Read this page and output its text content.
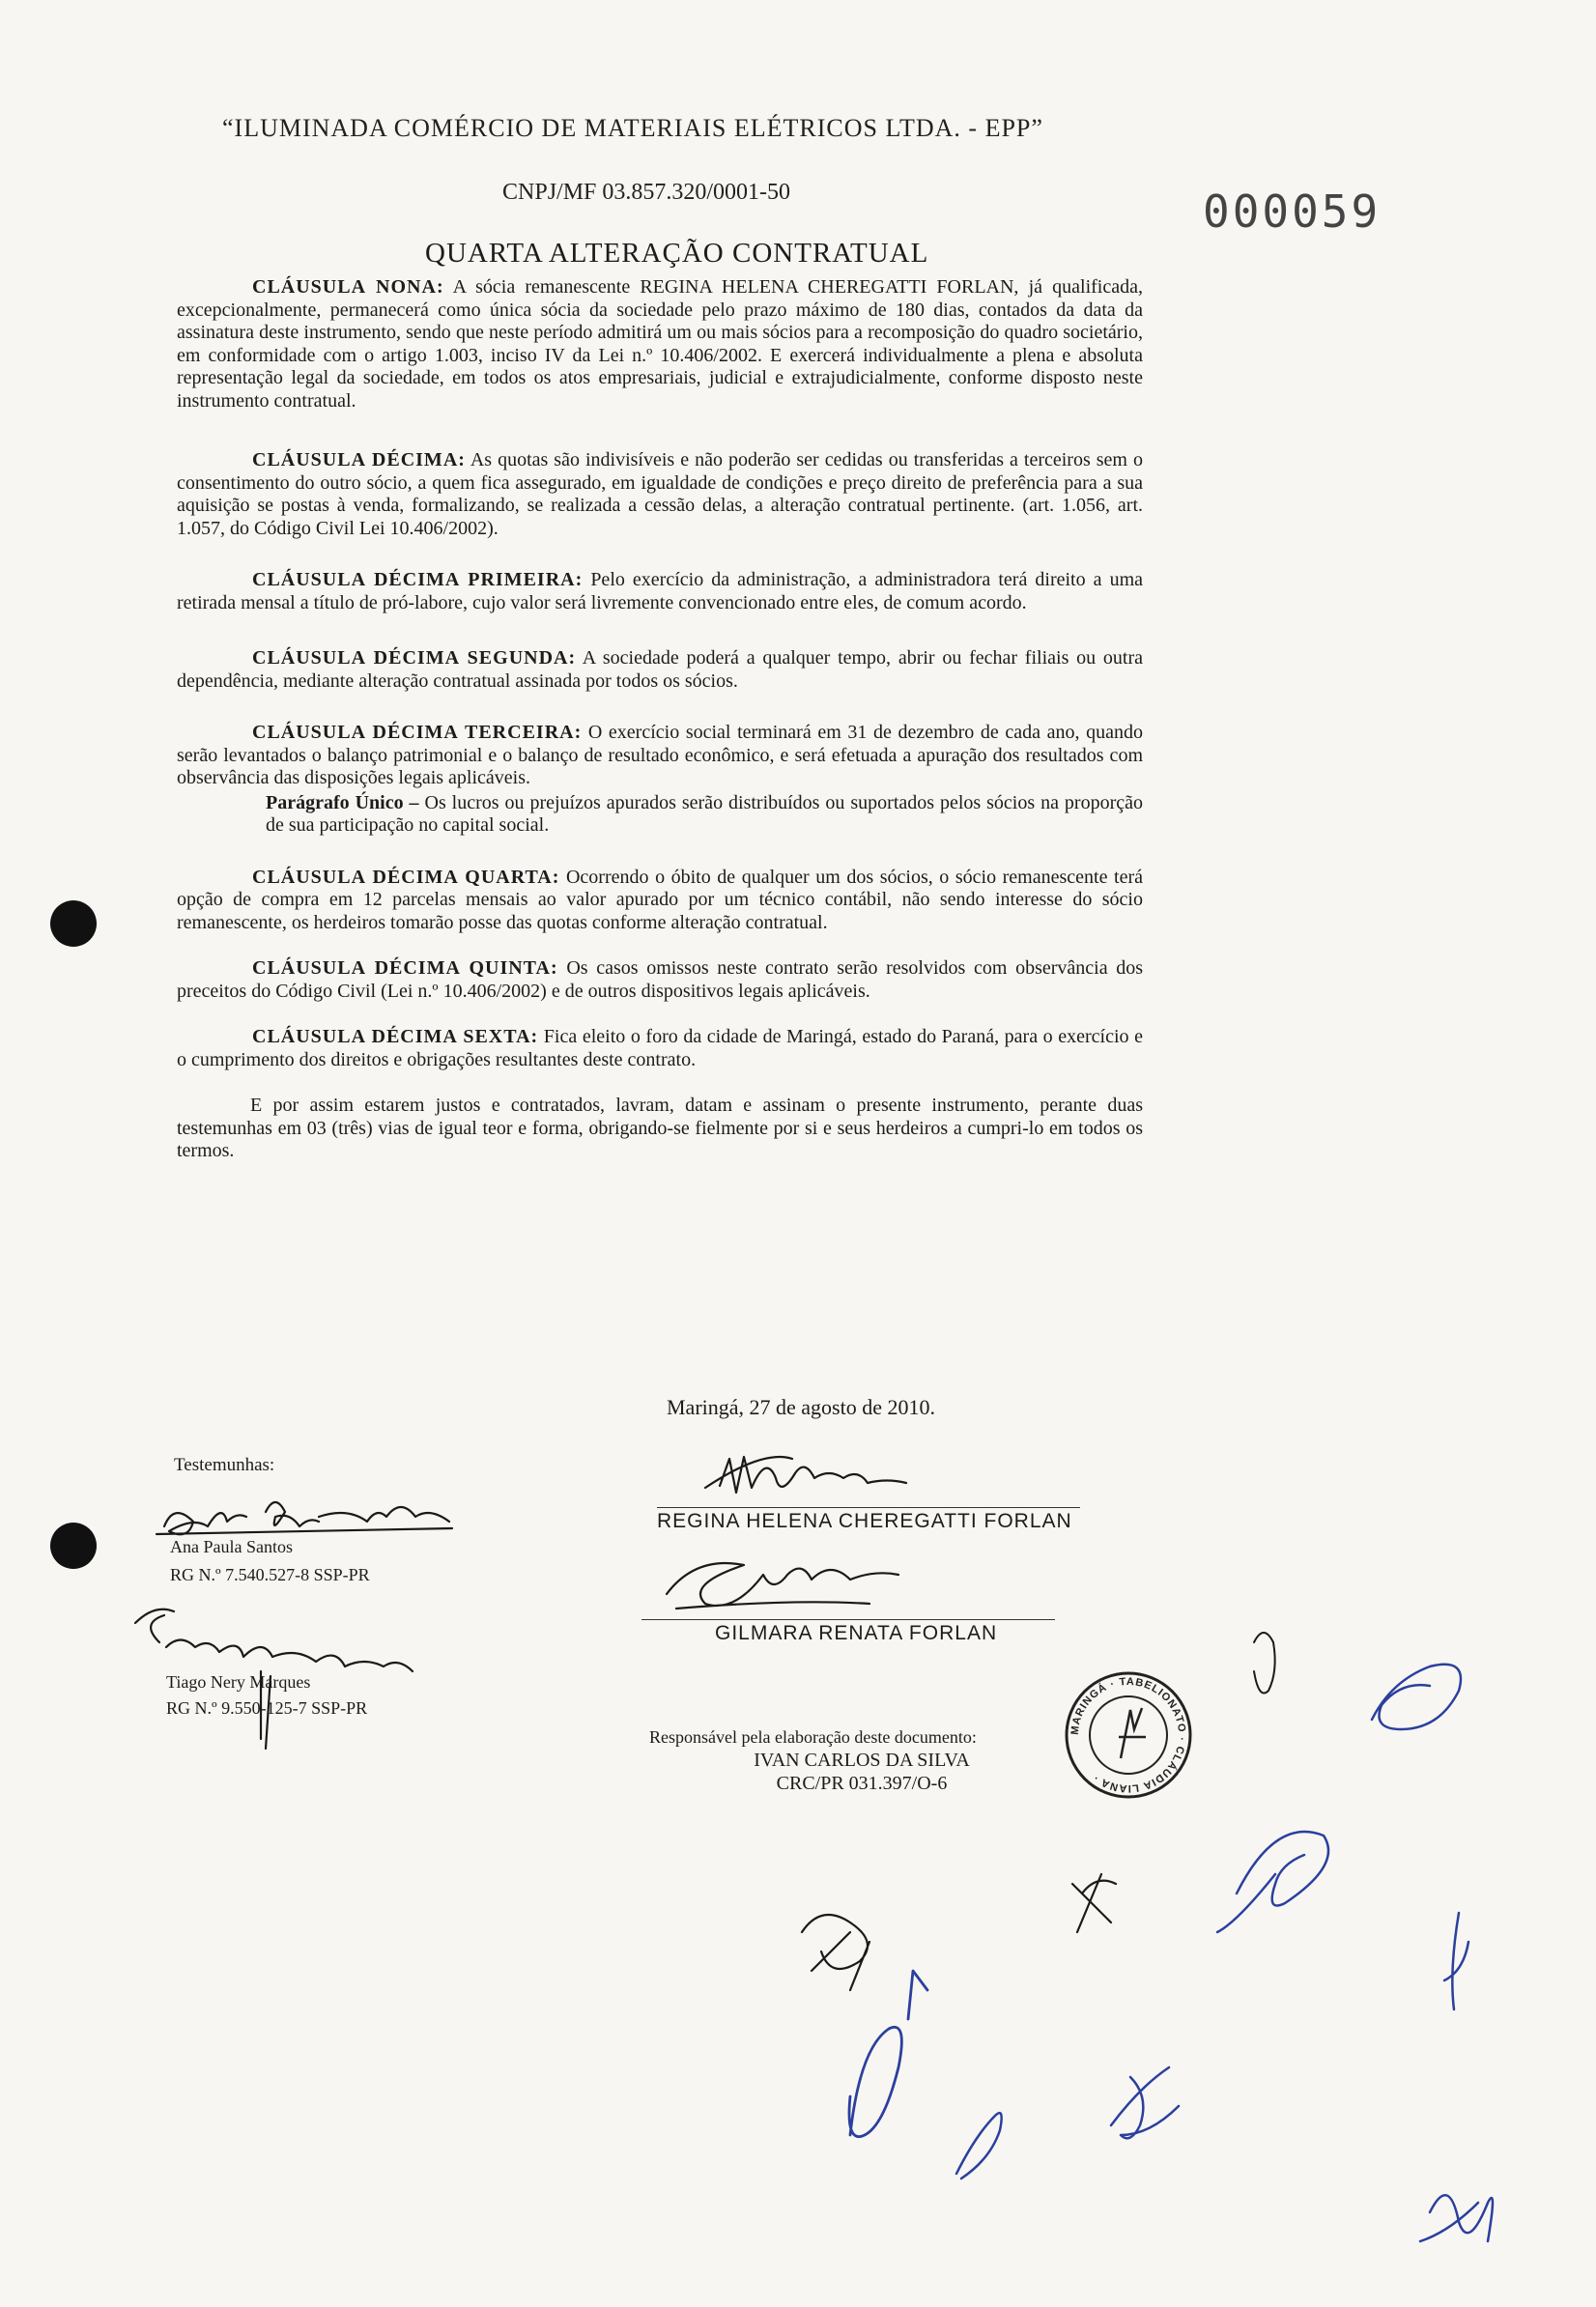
“ILUMINADA COMÉRCIO DE MATERIAIS ELÉTRICOS LTDA. - EPP”
CNPJ/MF 03.857.320/0001-50	000059
QUARTA ALTERAÇÃO CONTRATUAL

CLÁUSULA NONA: A sócia remanescente REGINA HELENA CHEREGATTI FORLAN, já qualificada, excepcionalmente, permanecerá como única sócia da sociedade pelo prazo máximo de 180 dias, contados da data da assinatura deste instrumento, sendo que neste período admitirá um ou mais sócios para a recomposição do quadro societário, em conformidade com o artigo 1.003, inciso IV da Lei n.º 10.406/2002. E exercerá individualmente a plena e absoluta representação legal da sociedade, em todos os atos empresariais, judicial e extrajudicialmente, conforme disposto neste instrumento contratual.

CLÁUSULA DÉCIMA: As quotas são indivisíveis e não poderão ser cedidas ou transferidas a terceiros sem o consentimento do outro sócio, a quem fica assegurado, em igualdade de condições e preço direito de preferência para a sua aquisição se postas à venda, formalizando, se realizada a cessão delas, a alteração contratual pertinente. (art. 1.056, art. 1.057, do Código Civil Lei 10.406/2002).

CLÁUSULA DÉCIMA PRIMEIRA: Pelo exercício da administração, a administradora terá direito a uma retirada mensal a título de pró-labore, cujo valor será livremente convencionado entre eles, de comum acordo.

CLÁUSULA DÉCIMA SEGUNDA: A sociedade poderá a qualquer tempo, abrir ou fechar filiais ou outra dependência, mediante alteração contratual assinada por todos os sócios.

CLÁUSULA DÉCIMA TERCEIRA: O exercício social terminará em 31 de dezembro de cada ano, quando serão levantados o balanço patrimonial e o balanço de resultado econômico, e será efetuada a apuração dos resultados com observância das disposições legais aplicáveis.
Parágrafo Único – Os lucros ou prejuízos apurados serão distribuídos ou suportados pelos sócios na proporção de sua participação no capital social.

CLÁUSULA DÉCIMA QUARTA: Ocorrendo o óbito de qualquer um dos sócios, o sócio remanescente terá opção de compra em 12 parcelas mensais ao valor apurado por um técnico contábil, não sendo interesse do sócio remanescente, os herdeiros tomarão posse das quotas conforme alteração contratual.

CLÁUSULA DÉCIMA QUINTA: Os casos omissos neste contrato serão resolvidos com observância dos preceitos do Código Civil (Lei n.º 10.406/2002) e de outros dispositivos legais aplicáveis.

CLÁUSULA DÉCIMA SEXTA: Fica eleito o foro da cidade de Maringá, estado do Paraná, para o exercício e o cumprimento dos direitos e obrigações resultantes deste contrato.

E por assim estarem justos e contratados, lavram, datam e assinam o presente instrumento, perante duas testemunhas em 03 (três) vias de igual teor e forma, obrigando-se fielmente por si e seus herdeiros a cumpri-lo em todos os termos.

Maringá, 27 de agosto de 2010.
Testemunhas:
Ana Paula Santos
RG N.º 7.540.527-8 SSP-PR
Tiago Nery Marques
RG N.º 9.550-125-7 SSP-PR
REGINA HELENA CHEREGATTI FORLAN
GILMARA RENATA FORLAN
Responsável pela elaboração deste documento:
IVAN CARLOS DA SILVA
CRC/PR 031.397/O-6
MARINGÁ · TABELIONATO · CLÁUDIA LIANA ·
